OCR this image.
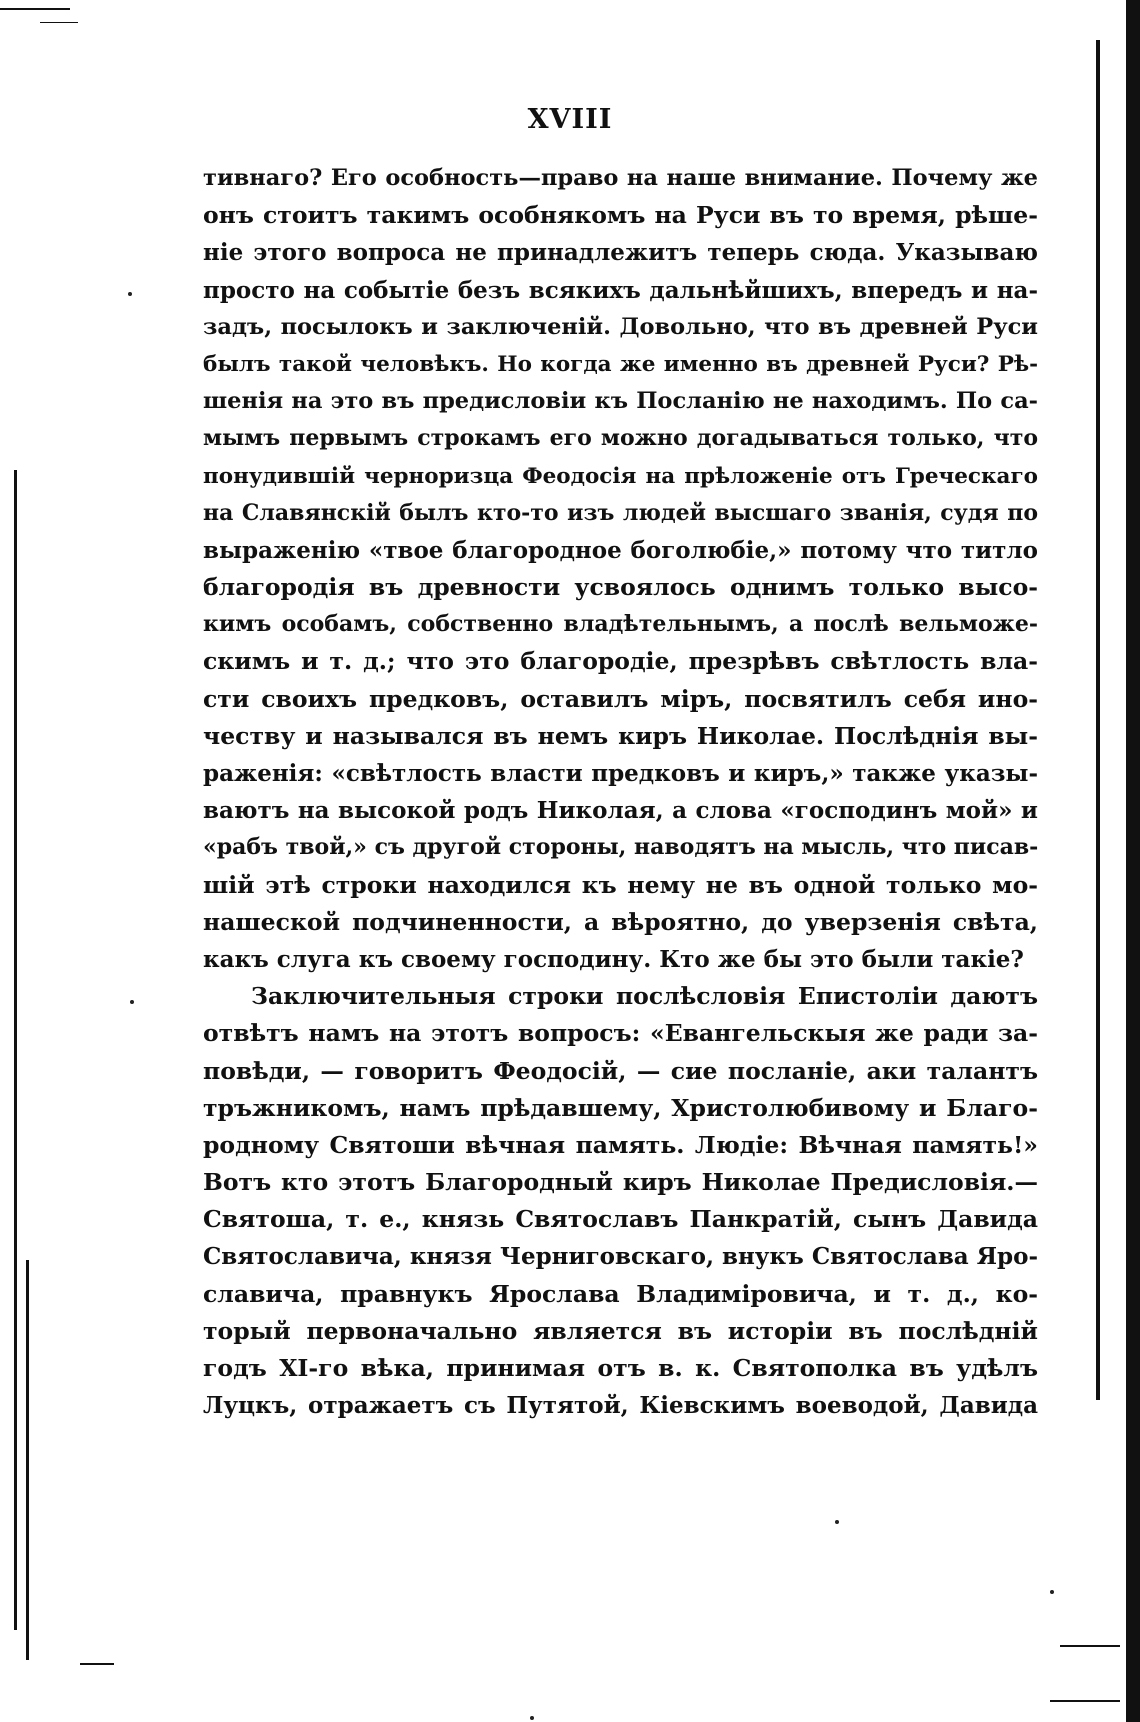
XVIII
тивнаго? Его особность—право на наше внимание. Почему же
онъ стоитъ такимъ особнякомъ на Руси въ то время, рѣше-
ніе этого вопроса не принадлежитъ теперь сюда. Указываю
просто на событіе безъ всякихъ дальнѣйшихъ, впередъ и на-
задъ, посылокъ и заключеній. Довольно, что въ древней Руси
былъ такой человѣкъ. Но когда же именно въ древней Руси? Рѣ-
шенія на это въ предисловіи къ Посланію не находимъ. По са-
мымъ первымъ строкамъ его можно догадываться только, что
понудившій черноризца Феодосія на прѣложеніе отъ Греческаго
на Славянскій былъ кто-то изъ людей высшаго званія, судя по
выраженію «твое благородное боголюбіе,» потому что титло
благородія въ древности усвоялось однимъ только высо-
кимъ особамъ, собственно владѣтельнымъ, а послѣ вельможе-
скимъ и т. д.; что это благородіе, презрѣвъ свѣтлость вла-
сти своихъ предковъ, оставилъ міръ, посвятилъ себя ино-
честву и назывался въ немъ киръ Николае. Послѣднія вы-
раженія: «свѣтлость власти предковъ и киръ,» также указы-
ваютъ на высокой родъ Николая, а слова «господинъ мой» и
«рабъ твой,» съ другой стороны, наводятъ на мысль, что писав-
шій этѣ строки находился къ нему не въ одной только мо-
нашеской подчиненности, а вѣроятно, до уверзенія свѣта,
какъ слуга къ своему господину. Кто же бы это были такіе?
Заключительныя строки послѣсловія Епистоліи даютъ
отвѣтъ намъ на этотъ вопросъ: «Евангельскыя же ради за-
повѣди, — говоритъ Феодосій, — сие посланіе, аки талантъ
тръжникомъ, намъ прѣдавшему, Христолюбивому и Благо-
родному Святоши вѣчная память. Людіе: Вѣчная память!»
Вотъ кто этотъ Благородный киръ Николае Предисловія.—
Святоша, т. е., князь Святославъ Панкратій, сынъ Давида
Святославича, князя Черниговскаго, внукъ Святослава Яро-
славича, правнукъ Ярослава Владиміровича, и т. д., ко-
торый первоначально является въ исторіи въ послѣдній
годъ XI-го вѣка, принимая отъ в. к. Святополка въ удѣлъ
Луцкъ, отражаетъ съ Путятой, Кіевскимъ воеводой, Давида
